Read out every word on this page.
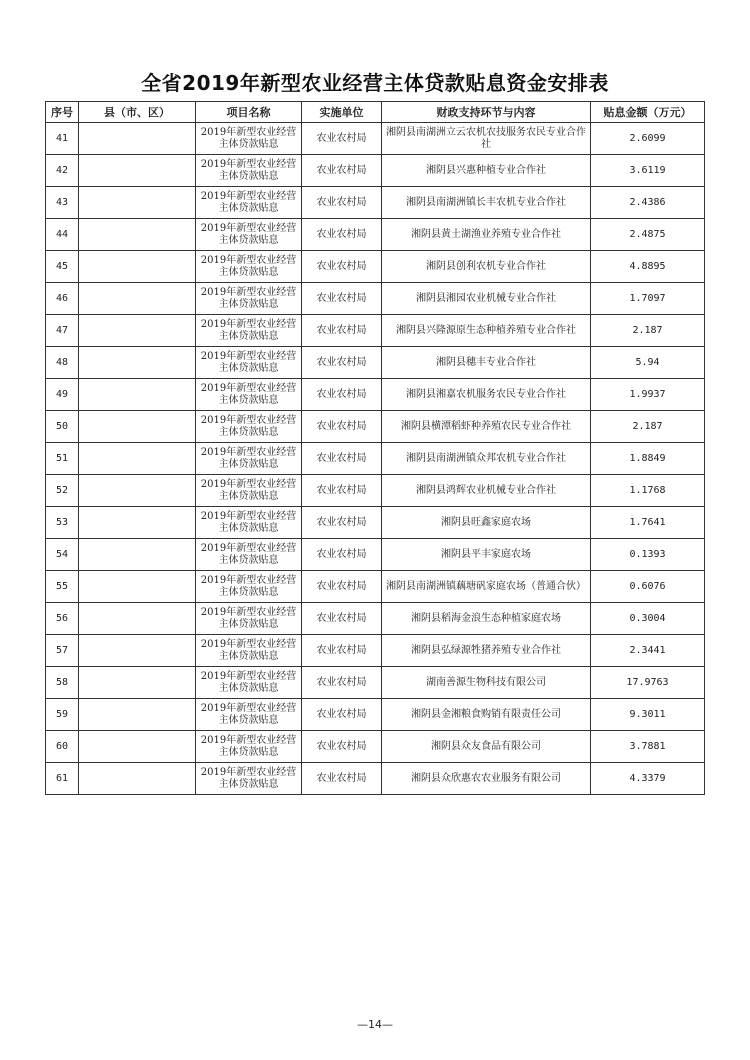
全省2019年新型农业经营主体贷款贴息资金安排表
序号	县（市、区）	项目名称	实施单位	财政支持环节与内容	贴息金额（万元）
41		2019年新型农业经营主体贷款贴息	农业农村局	湘阴县南湖洲立云农机农技服务农民专业合作社	2.6099
42		2019年新型农业经营主体贷款贴息	农业农村局	湘阴县兴惠种植专业合作社	3.6119
43		2019年新型农业经营主体贷款贴息	农业农村局	湘阴县南湖洲镇长丰农机专业合作社	2.4386
44		2019年新型农业经营主体贷款贴息	农业农村局	湘阴县黄土湖渔业养殖专业合作社	2.4875
45		2019年新型农业经营主体贷款贴息	农业农村局	湘阴县创利农机专业合作社	4.8895
46		2019年新型农业经营主体贷款贴息	农业农村局	湘阴县湘园农业机械专业合作社	1.7097
47		2019年新型农业经营主体贷款贴息	农业农村局	湘阴县兴隆源原生态种植养殖专业合作社	2.187
48		2019年新型农业经营主体贷款贴息	农业农村局	湘阴县穗丰专业合作社	5.94
49		2019年新型农业经营主体贷款贴息	农业农村局	湘阴县湘嘉农机服务农民专业合作社	1.9937
50		2019年新型农业经营主体贷款贴息	农业农村局	湘阴县横潭稻虾种养殖农民专业合作社	2.187
51		2019年新型农业经营主体贷款贴息	农业农村局	湘阴县南湖洲镇众邦农机专业合作社	1.8849
52		2019年新型农业经营主体贷款贴息	农业农村局	湘阴县鸿辉农业机械专业合作社	1.1768
53		2019年新型农业经营主体贷款贴息	农业农村局	湘阴县旺鑫家庭农场	1.7641
54		2019年新型农业经营主体贷款贴息	农业农村局	湘阴县平丰家庭农场	0.1393
55		2019年新型农业经营主体贷款贴息	农业农村局	湘阴县南湖洲镇藕塘矾家庭农场（普通合伙）	0.6076
56		2019年新型农业经营主体贷款贴息	农业农村局	湘阴县稻海金浪生态种植家庭农场	0.3004
57		2019年新型农业经营主体贷款贴息	农业农村局	湘阴县弘绿源牲猪养殖专业合作社	2.3441
58		2019年新型农业经营主体贷款贴息	农业农村局	湖南善源生物科技有限公司	17.9763
59		2019年新型农业经营主体贷款贴息	农业农村局	湘阴县金湘粮食购销有限责任公司	9.3011
60		2019年新型农业经营主体贷款贴息	农业农村局	湘阴县众友食品有限公司	3.7881
61		2019年新型农业经营主体贷款贴息	农业农村局	湘阴县众欣惠农农业服务有限公司	4.3379
—14—
